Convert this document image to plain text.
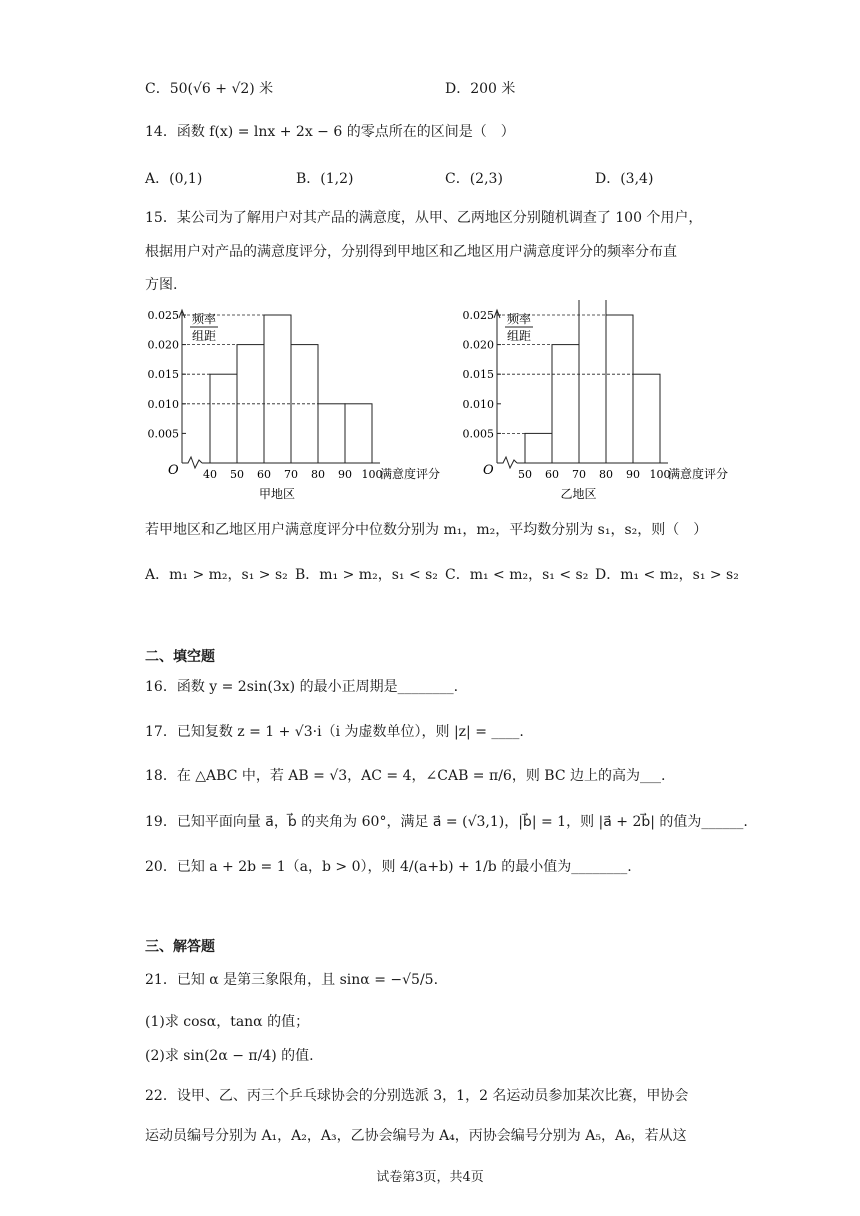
C．50(√6 + √2) 米	D．200 米
14．函数 f(x) = lnx + 2x − 6 的零点所在的区间是（　）
A．(0,1)	B．(1,2)	C．(2,3)	D．(3,4)
15．某公司为了解用户对其产品的满意度，从甲、乙两地区分别随机调查了 100 个用户，
根据用户对产品的满意度评分，分别得到甲地区和乙地区用户满意度评分的频率分布直
方图.
频率
组距
0.025
0.020
0.015
0.010
0.005
O 40 50 60 70 80 90 100
满意度评分
甲地区
频率
组距
0.025
0.020
0.015
0.010
0.005
O 50 60 70 80 90 100
满意度评分
乙地区
若甲地区和乙地区用户满意度评分中位数分别为 m₁，m₂，平均数分别为 s₁，s₂，则（　）
A．m₁ > m₂，s₁ > s₂ B．m₁ > m₂，s₁ < s₂ C．m₁ < m₂，s₁ < s₂ D．m₁ < m₂，s₁ > s₂
二、填空题
16．函数 y = 2sin(3x) 的最小正周期是________.
17．已知复数 z = 1 + √3·i（i 为虚数单位），则 |z| = ____.
18．在 △ABC 中，若 AB = √3，AC = 4，∠CAB = π/6，则 BC 边上的高为___.
19．已知平面向量 a⃗，b⃗ 的夹角为 60°，满足 a⃗ = (√3,1)，|b⃗| = 1，则 |a⃗ + 2b⃗| 的值为______.
20．已知 a + 2b = 1（a，b > 0），则 4/(a+b) + 1/b 的最小值为________.
三、解答题
21．已知 α 是第三象限角，且 sinα = −√5/5.
(1)求 cosα，tanα 的值；
(2)求 sin(2α − π/4) 的值.
22．设甲、乙、丙三个乒乓球协会的分别选派 3，1，2 名运动员参加某次比赛，甲协会
运动员编号分别为 A₁，A₂，A₃，乙协会编号为 A₄，丙协会编号分别为 A₅，A₆，若从这
试卷第3页，共4页
